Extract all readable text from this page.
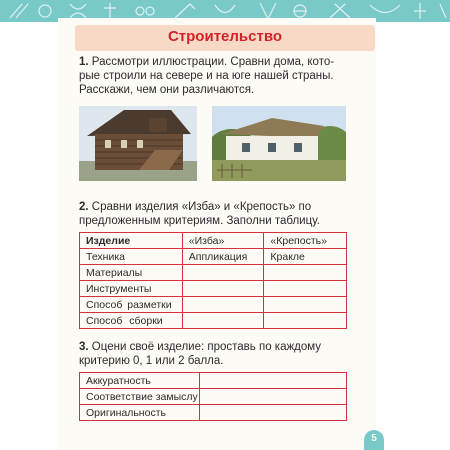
Строительство
1. Рассмотри иллюстрации. Сравни дома, кото-
рые строили на севере и на юге нашей страны.
Расскажи, чем они различаются.
2. Сравни изделия «Изба» и «Крепость» по
предложенным критериям. Заполни таблицу.
Изделие	«Изба»	«Крепость»
Техника	Аппликация	Кракле
Материалы		
Инструменты		
Способ разметки		
Способ сборки		
3. Оцени своё изделие: проставь по каждому
критерию 0, 1 или 2 балла.
Аккуратность	
Соответствие замыслу	
Оригинальность	
5
